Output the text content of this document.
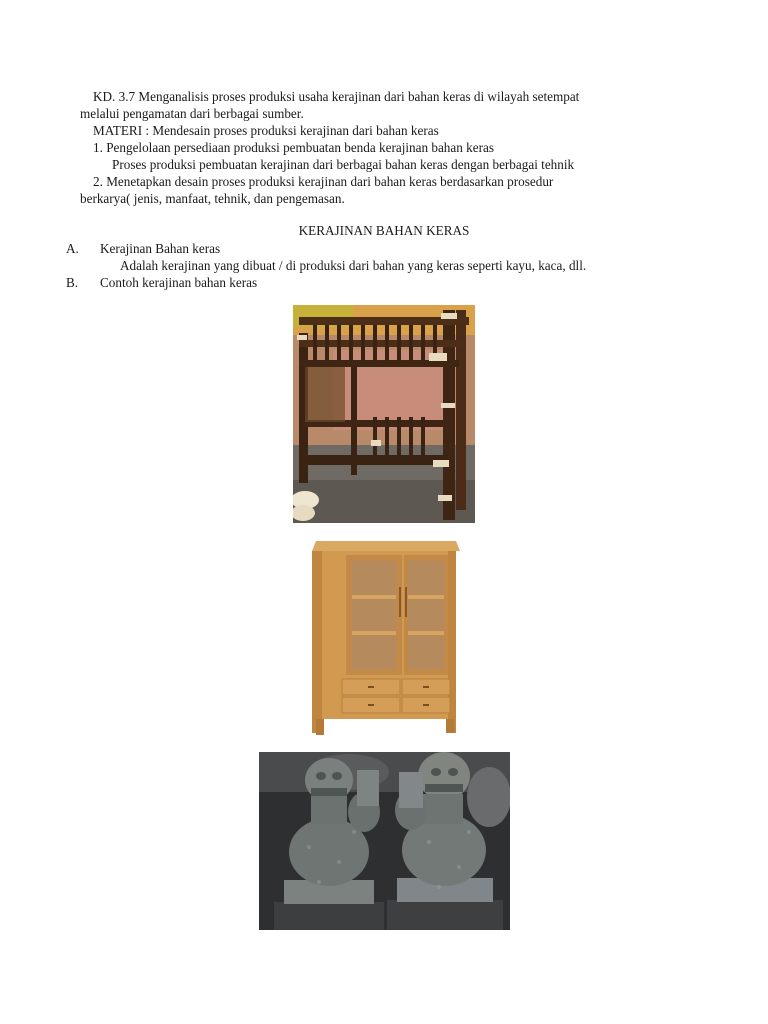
KD. 3.7 Menganalisis proses produksi usaha kerajinan dari bahan keras di wilayah setempat
melalui pengamatan dari berbagai sumber.
MATERI : Mendesain proses produksi kerajinan dari bahan keras
1. Pengelolaan persediaan produksi pembuatan benda kerajinan bahan keras
Proses produksi pembuatan kerajinan dari berbagai bahan keras dengan berbagai tehnik
2. Menetapkan desain proses produksi kerajinan dari bahan keras berdasarkan prosedur
berkarya( jenis, manfaat, tehnik, dan pengemasan.
KERAJINAN BAHAN KERAS
A. Kerajinan Bahan keras
Adalah kerajinan yang dibuat / di produksi dari bahan yang keras seperti kayu, kaca, dll.
B. Contoh kerajinan bahan keras
